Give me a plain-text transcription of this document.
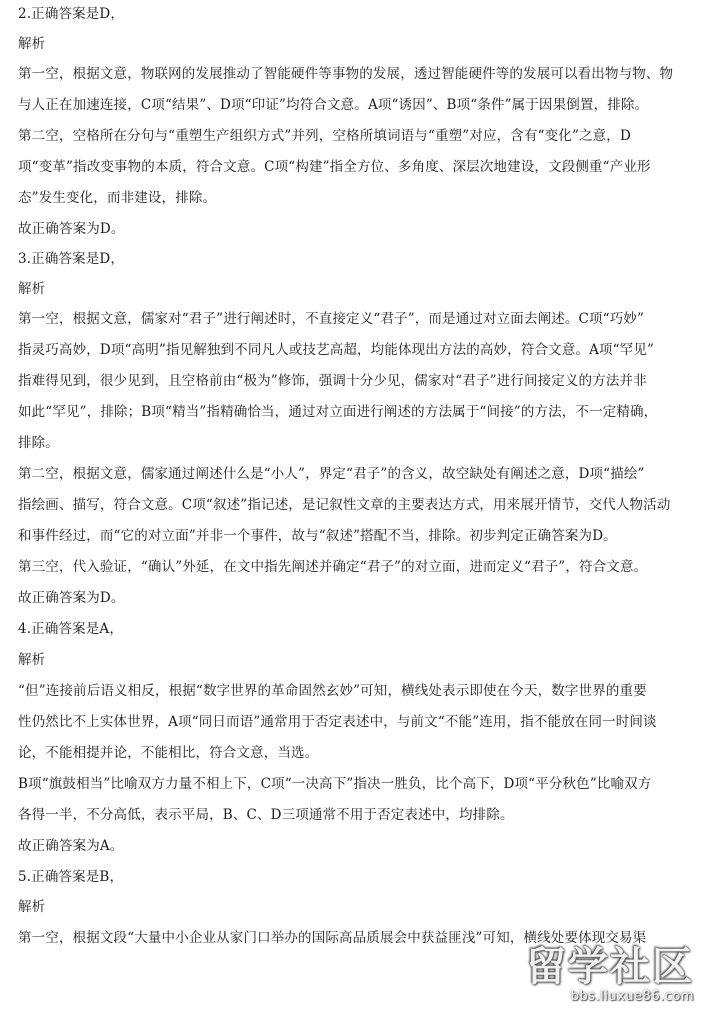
2.正确答案是D，
解析
第一空，根据文意，物联网的发展推动了智能硬件等事物的发展，透过智能硬件等的发展可以看出物与物、物
与人正在加速连接，C项“结果”、D项“印证”均符合文意。A项“诱因”、B项“条件”属于因果倒置，排除。
第二空，空格所在分句与“重塑生产组织方式”并列，空格所填词语与“重塑”对应，含有“变化”之意，D
项“变革”指改变事物的本质，符合文意。C项“构建”指全方位、多角度、深层次地建设，文段侧重“产业形
态”发生变化，而非建设，排除。
故正确答案为D。
3.正确答案是D，
解析
第一空，根据文意，儒家对“君子”进行阐述时，不直接定义“君子”，而是通过对立面去阐述。C项“巧妙”
指灵巧高妙，D项“高明”指见解独到不同凡人或技艺高超，均能体现出方法的高妙，符合文意。A项“罕见”
指难得见到，很少见到，且空格前由“极为”修饰，强调十分少见，儒家对“君子”进行间接定义的方法并非
如此“罕见”，排除；B项“精当”指精确恰当，通过对立面进行阐述的方法属于“间接”的方法，不一定精确，
排除。
第二空，根据文意，儒家通过阐述什么是“小人”，界定“君子”的含义，故空缺处有阐述之意，D项“描绘”
指绘画、描写，符合文意。C项“叙述”指记述，是记叙性文章的主要表达方式，用来展开情节，交代人物活动
和事件经过，而“它的对立面”并非一个事件，故与“叙述”搭配不当，排除。初步判定正确答案为D。
第三空，代入验证，“确认”外延，在文中指先阐述并确定“君子”的对立面，进而定义“君子”，符合文意。
故正确答案为D。
4.正确答案是A，
解析
“但”连接前后语义相反，根据“数字世界的革命固然玄妙”可知，横线处表示即使在今天，数字世界的重要
性仍然比不上实体世界，A项“同日而语”通常用于否定表述中，与前文“不能”连用，指不能放在同一时间谈
论，不能相提并论，不能相比，符合文意，当选。
B项“旗鼓相当”比喻双方力量不相上下，C项“一决高下”指决一胜负，比个高下，D项“平分秋色”比喻双方
各得一半，不分高低，表示平局，B、C、D三项通常不用于否定表述中，均排除。
故正确答案为A。
5.正确答案是B，
解析
第一空，根据文段“大量中小企业从家门口举办的国际高品质展会中获益匪浅”可知，横线处要体现交易渠
留学社区
bbs.liuxue86.com
